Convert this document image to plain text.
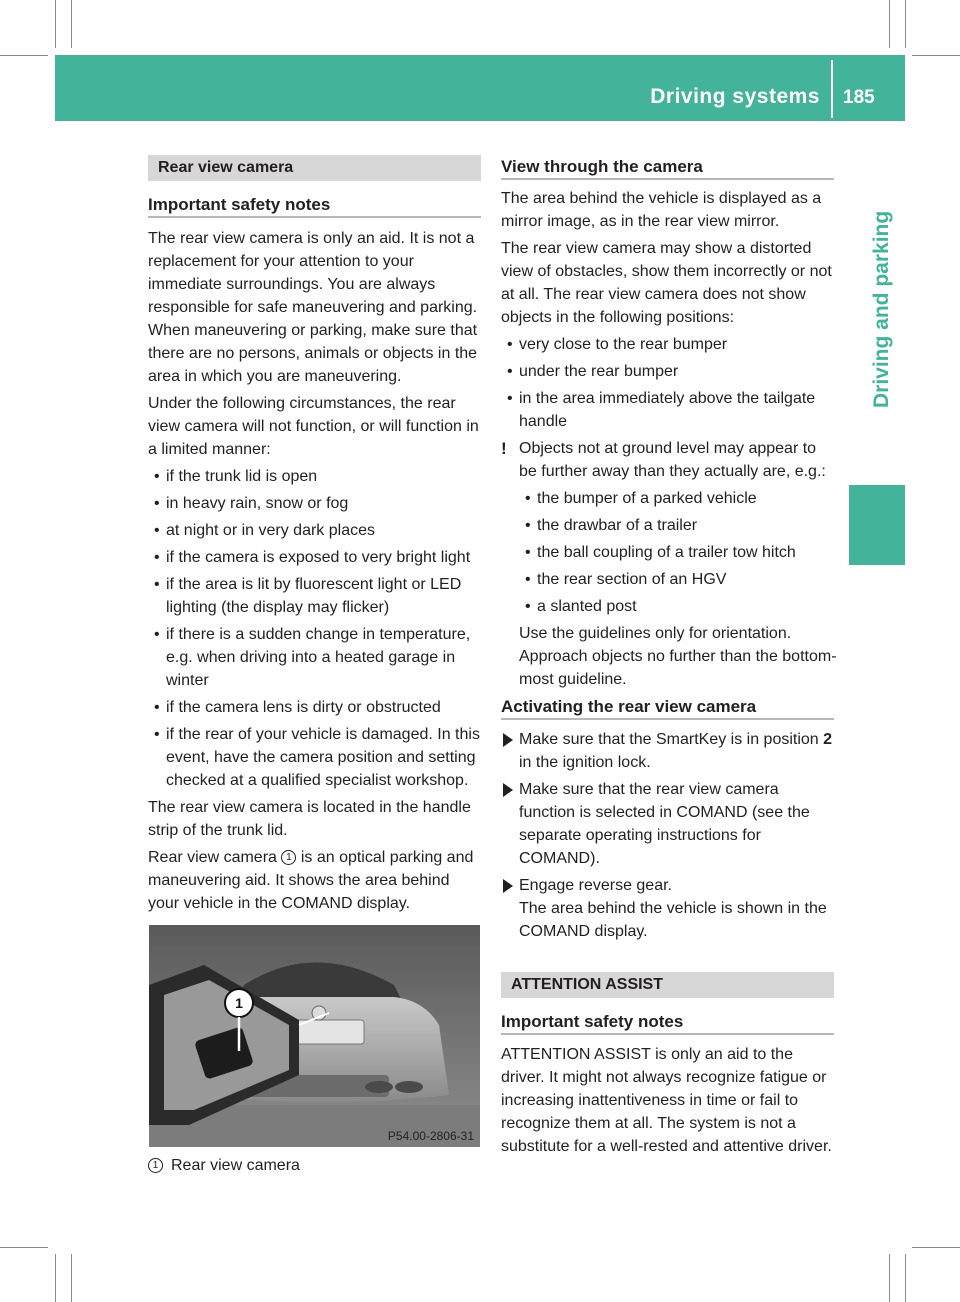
Driving systems 185
Driving and parking
Rear view camera
Important safety notes

The rear view camera is only an aid. It is not a replacement for your attention to your immediate surroundings. You are always responsible for safe maneuvering and parking. When maneuvering or parking, make sure that there are no persons, animals or objects in the area in which you are maneuvering.

Under the following circumstances, the rear view camera will not function, or will function in a limited manner:

• if the trunk lid is open
• in heavy rain, snow or fog
• at night or in very dark places
• if the camera is exposed to very bright light
• if the area is lit by fluorescent light or LED lighting (the display may flicker)
• if there is a sudden change in temperature, e.g. when driving into a heated garage in winter
• if the camera lens is dirty or obstructed
• if the rear of your vehicle is damaged. In this event, have the camera position and setting checked at a qualified specialist workshop.

The rear view camera is located in the handle strip of the trunk lid.

Rear view camera 1 is an optical parking and maneuvering aid. It shows the area behind your vehicle in the COMAND display.

1
P54.00-2806-31
1 Rear view camera
View through the camera

The area behind the vehicle is displayed as a mirror image, as in the rear view mirror.

The rear view camera may show a distorted view of obstacles, show them incorrectly or not at all. The rear view camera does not show objects in the following positions:

• very close to the rear bumper
• under the rear bumper
• in the area immediately above the tailgate handle
! Objects not at ground level may appear to be further away than they actually are, e.g.:
• the bumper of a parked vehicle
• the drawbar of a trailer
• the ball coupling of a trailer tow hitch
• the rear section of an HGV
• a slanted post

Use the guidelines only for orientation. Approach objects no further than the bottom-most guideline.

Activating the rear view camera
Make sure that the SmartKey is in position 2 in the ignition lock.
Make sure that the rear view camera function is selected in COMAND (see the separate operating instructions for COMAND).
Engage reverse gear.
The area behind the vehicle is shown in the COMAND display.
ATTENTION ASSIST
Important safety notes

ATTENTION ASSIST is only an aid to the driver. It might not always recognize fatigue or increasing inattentiveness in time or fail to recognize them at all. The system is not a substitute for a well-rested and attentive driver.
